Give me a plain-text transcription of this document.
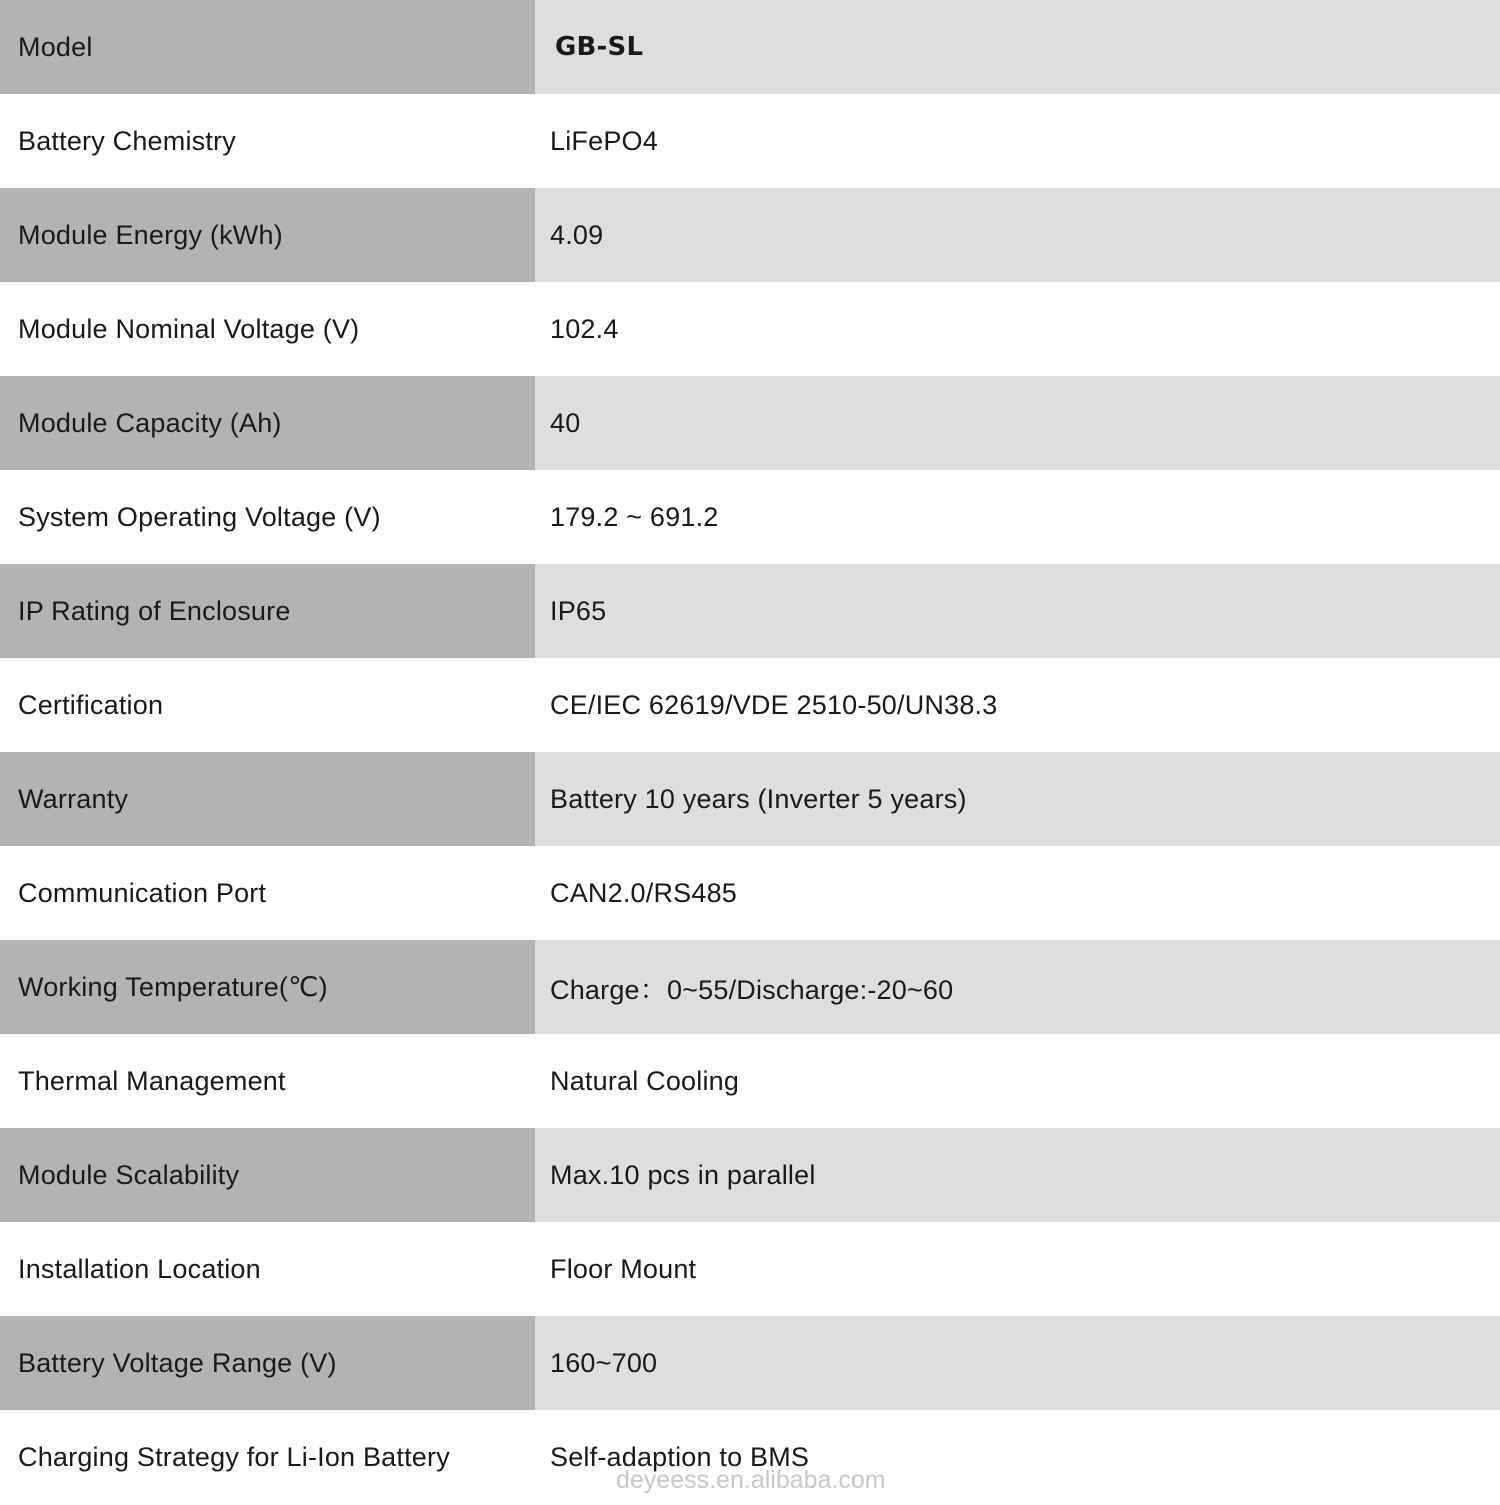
Model	GB-SL
Battery Chemistry	LiFePO4
Module Energy (kWh)	4.09
Module Nominal Voltage (V)	102.4
Module Capacity (Ah)	40
System Operating Voltage (V)	179.2 ~ 691.2
IP Rating of Enclosure	IP65
Certification	CE/IEC 62619/VDE 2510-50/UN38.3
Warranty	Battery 10 years (Inverter 5 years)
Communication Port	CAN2.0/RS485
Working Temperature(℃)	Charge：0~55/Discharge:-20~60
Thermal Management	Natural Cooling
Module Scalability	Max.10 pcs in parallel
Installation Location	Floor Mount
Battery Voltage Range (V)	160~700
Charging Strategy for Li-Ion Battery	Self-adaption to BMS
deyeess.en.alibaba.com
